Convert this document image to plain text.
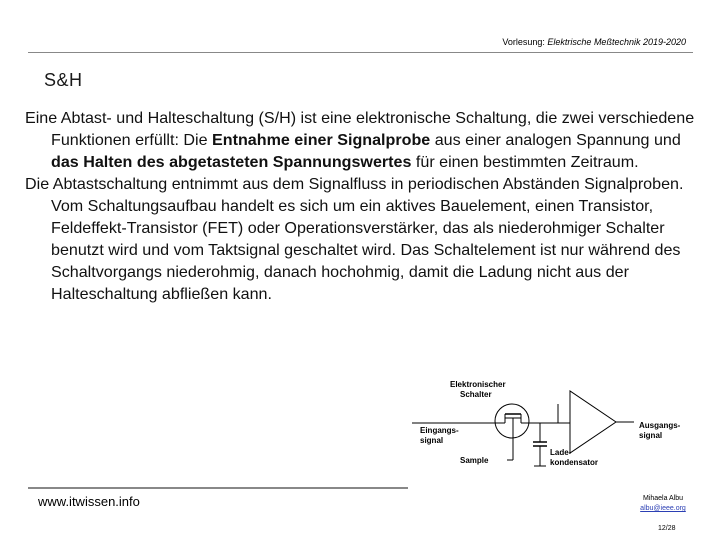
Vorlesung: Elektrische Meßtechnik 2019-2020
S&H

Eine Abtast- und Halteschaltung (S/H) ist eine elektronische Schaltung, die zwei verschiedene Funktionen erfüllt: Die Entnahme einer Signalprobe aus einer analogen Spannung und das Halten des abgetasteten Spannungswertes für einen bestimmten Zeitraum.

Die Abtastschaltung entnimmt aus dem Signalfluss in periodischen Abständen Signalproben. Vom Schaltungsaufbau handelt es sich um ein aktives Bauelement, einen Transistor, Feldeffekt-Transistor (FET) oder Operationsverstärker, das als niederohmiger Schalter benutzt wird und vom Taktsignal geschaltet wird. Das Schaltelement ist nur während des Schaltvorgangs niederohmig, danach hochohmig, damit die Ladung nicht aus der Halteschaltung abfließen kann.

Elektronischer
Schalter
Eingangs-
signal
Sample
Lade-
kondensator
Ausgangs-
signal
www.itwissen.info	Mihaela Albu
albu@ieee.org
12/28
